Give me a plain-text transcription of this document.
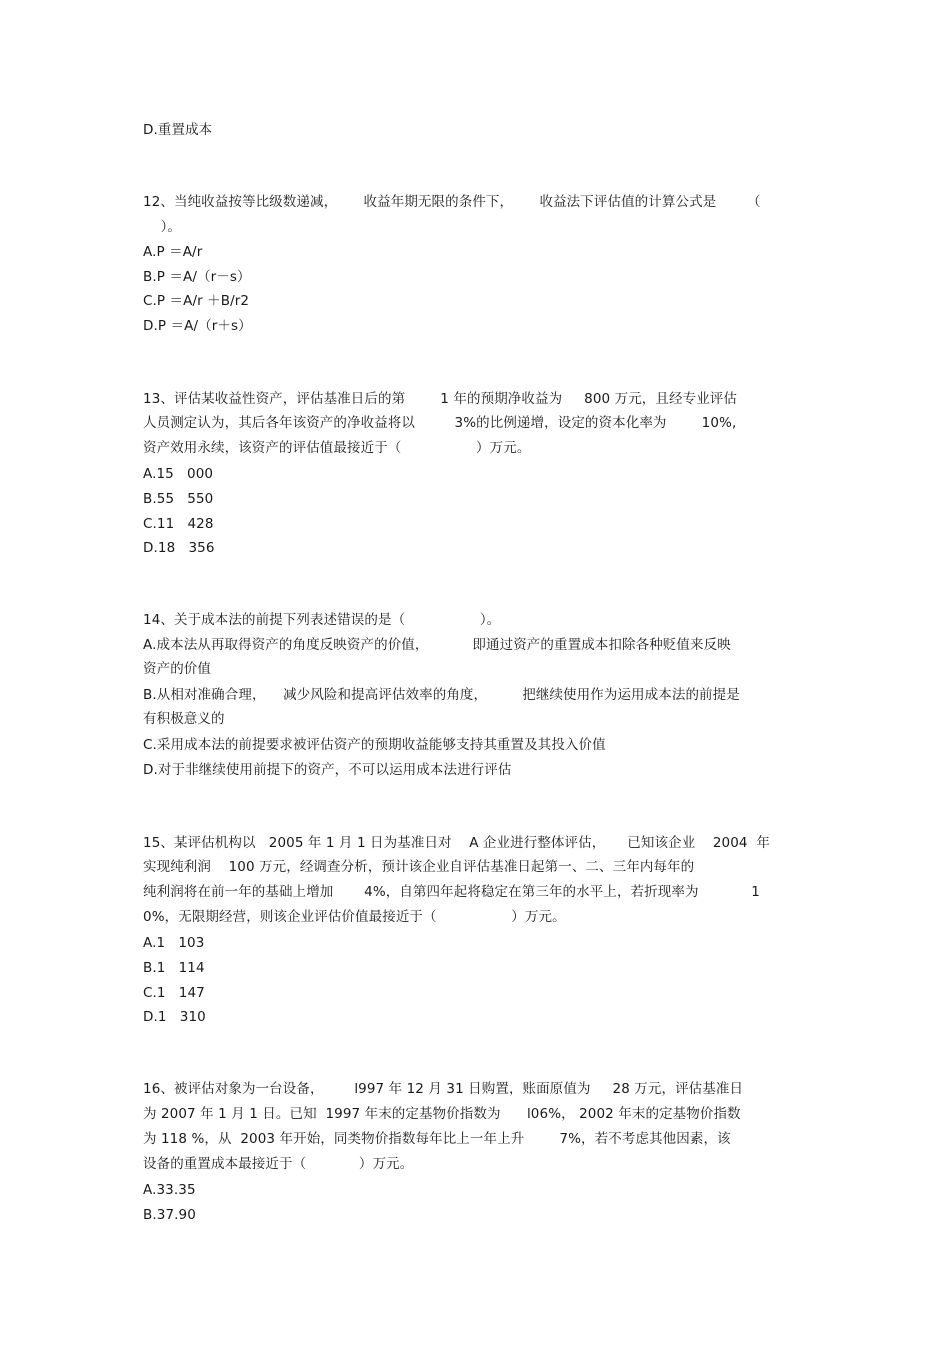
D.重置成本
12、当纯收益按等比级数递减，      收益年期无限的条件下，      收益法下评估值的计算公式是       （
）。
A.P ＝A/r
B.P ＝A/（r－s）
C.P ＝A/r ＋B/r2
D.P ＝A/（r＋s）
13、评估某收益性资产，评估基准日后的第        1 年的预期净收益为     800 万元，且经专业评估
人员测定认为，其后各年该资产的净收益将以         3%的比例递增，设定的资本化率为        10%,
资产效用永续，该资产的评估值最接近于（                 ）万元。
A.15   000
B.55   550
C.11   428
D.18   356
14、关于成本法的前提下列表述错误的是（                 ）。
A.成本法从再取得资产的角度反映资产的价值，          即通过资产的重置成本扣除各种贬值来反映
资产的价值
B.从相对准确合理，    减少风险和提高评估效率的角度，        把继续使用作为运用成本法的前提是
有积极意义的
C.采用成本法的前提要求被评估资产的预期收益能够支持其重置及其投入价值
D.对于非继续使用前提下的资产，不可以运用成本法进行评估
15、某评估机构以   2005 年 1 月 1 日为基准日对    A 企业进行整体评估，     已知该企业    2004  年
实现纯利润    100 万元，经调查分析，预计该企业自评估基准日起第一、二、三年内每年的
纯利润将在前一年的基础上增加       4%，自第四年起将稳定在第三年的水平上，若折现率为            1
0%，无限期经营，则该企业评估价值最接近于（                 ）万元。
A.1   103
B.1   114
C.1   147
D.1   310
16、被评估对象为一台设备，       l997 年 12 月 31 日购置，账面原值为     28 万元，评估基准日
为 2007 年 1 月 1 日。已知  1997 年末的定基物价指数为      l06%， 2002 年末的定基物价指数
为 118 %，从  2003 年开始，同类物价指数每年比上一年上升        7%，若不考虑其他因素，该
设备的重置成本最接近于（            ）万元。
A.33.35
B.37.90
